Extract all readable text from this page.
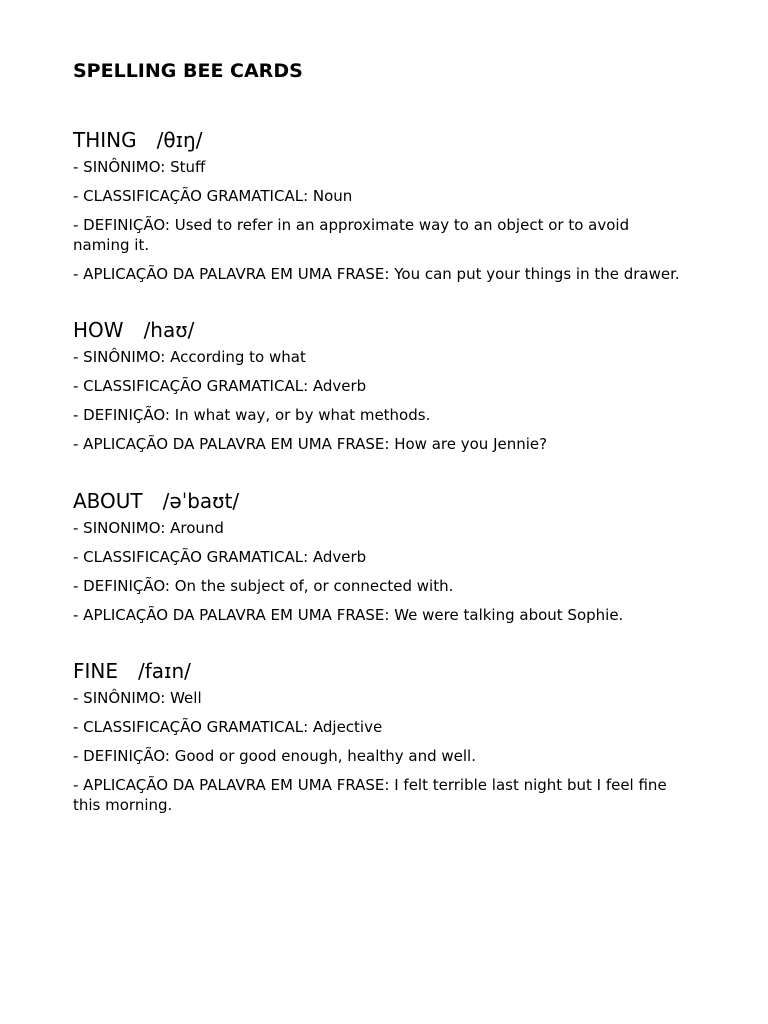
SPELLING BEE CARDS
THING /θɪŋ/

- SINÔNIMO: Stuff

- CLASSIFICAÇÃO GRAMATICAL: Noun

- DEFINIÇÃO: Used to refer in an approximate way to an object or to avoid naming it.

- APLICAÇÃO DA PALAVRA EM UMA FRASE: You can put your things in the drawer.

HOW /haʊ/

- SINÔNIMO: According to what

- CLASSIFICAÇÃO GRAMATICAL: Adverb

- DEFINIÇÃO: In what way, or by what methods.

- APLICAÇÃO DA PALAVRA EM UMA FRASE: How are you Jennie?

ABOUT /əˈbaʊt/

- SINONIMO: Around

- CLASSIFICAÇÃO GRAMATICAL: Adverb

- DEFINIÇÃO: On the subject of, or connected with.

- APLICAÇÃO DA PALAVRA EM UMA FRASE: We were talking about Sophie.

FINE /faɪn/

- SINÔNIMO: Well

- CLASSIFICAÇÃO GRAMATICAL: Adjective

- DEFINIÇÃO: Good or good enough, healthy and well.

- APLICAÇÃO DA PALAVRA EM UMA FRASE: I felt terrible last night but I feel fine this morning.
